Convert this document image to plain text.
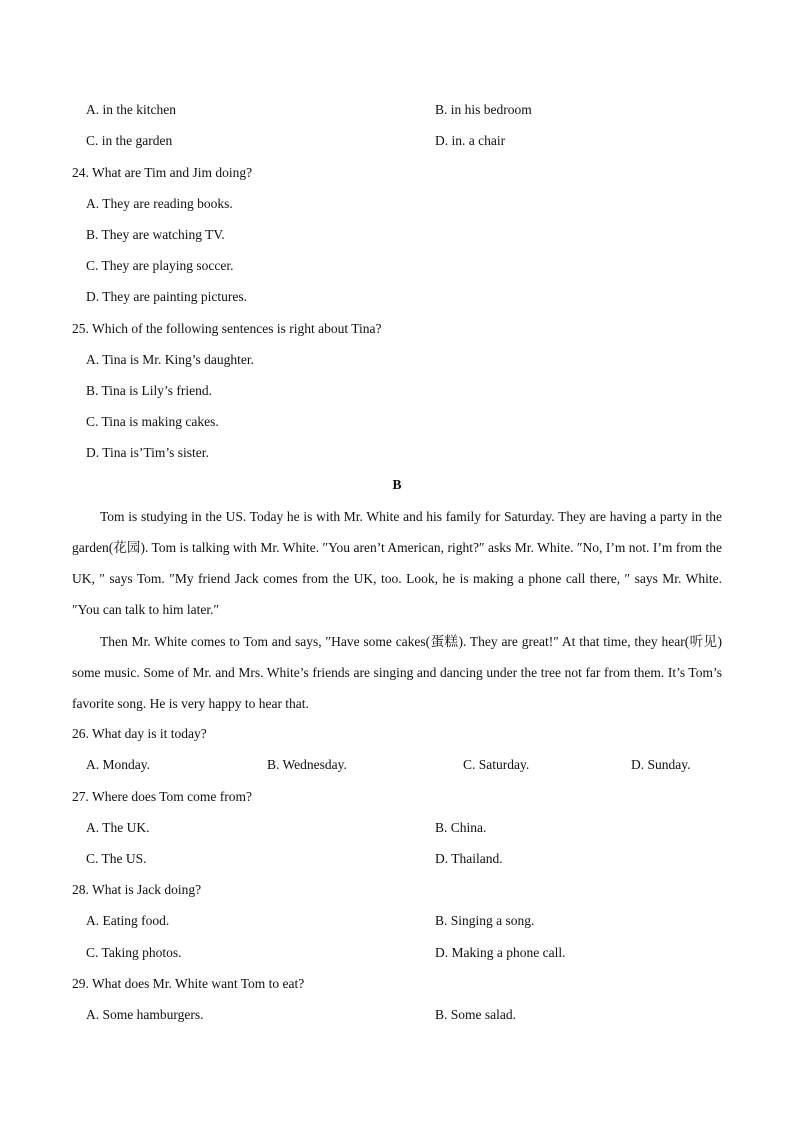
A. in the kitchen	B. in his bedroom
C. in the garden	D. in. a chair
24. What are Tim and Jim doing?
A. They are reading books.
B. They are watching TV.
C. They are playing soccer.
D. They are painting pictures.
25. Which of the following sentences is right about Tina?
A. Tina is Mr. King’s daughter.
B. Tina is Lily’s friend.
C. Tina is making cakes.
D. Tina is’Tim’s sister.
B
Tom is studying in the US. Today he is with Mr. White and his family for Saturday. They are having a party in the garden(花园). Tom is talking with Mr. White. ″You aren’t American, right?″ asks Mr. White. ″No, I’m not. I’m from the UK, ″ says Tom. ″My friend Jack comes from the UK, too. Look, he is making a phone call there, ″ says Mr. White. ″You can talk to him later.″
Then Mr. White comes to Tom and says, ″Have some cakes(蛋糕). They are great!″ At that time, they hear(听见) some music. Some of Mr. and Mrs. White’s friends are singing and dancing under the tree not far from them. It’s Tom’s favorite song. He is very happy to hear that.
26. What day is it today?
A. Monday.	B. Wednesday.	C. Saturday.	D. Sunday.
27. Where does Tom come from?
A. The UK.	B. China.
C. The US.	D. Thailand.
28. What is Jack doing?
A. Eating food.	B. Singing a song.
C. Taking photos.	D. Making a phone call.
29. What does Mr. White want Tom to eat?
A. Some hamburgers.	B. Some salad.
